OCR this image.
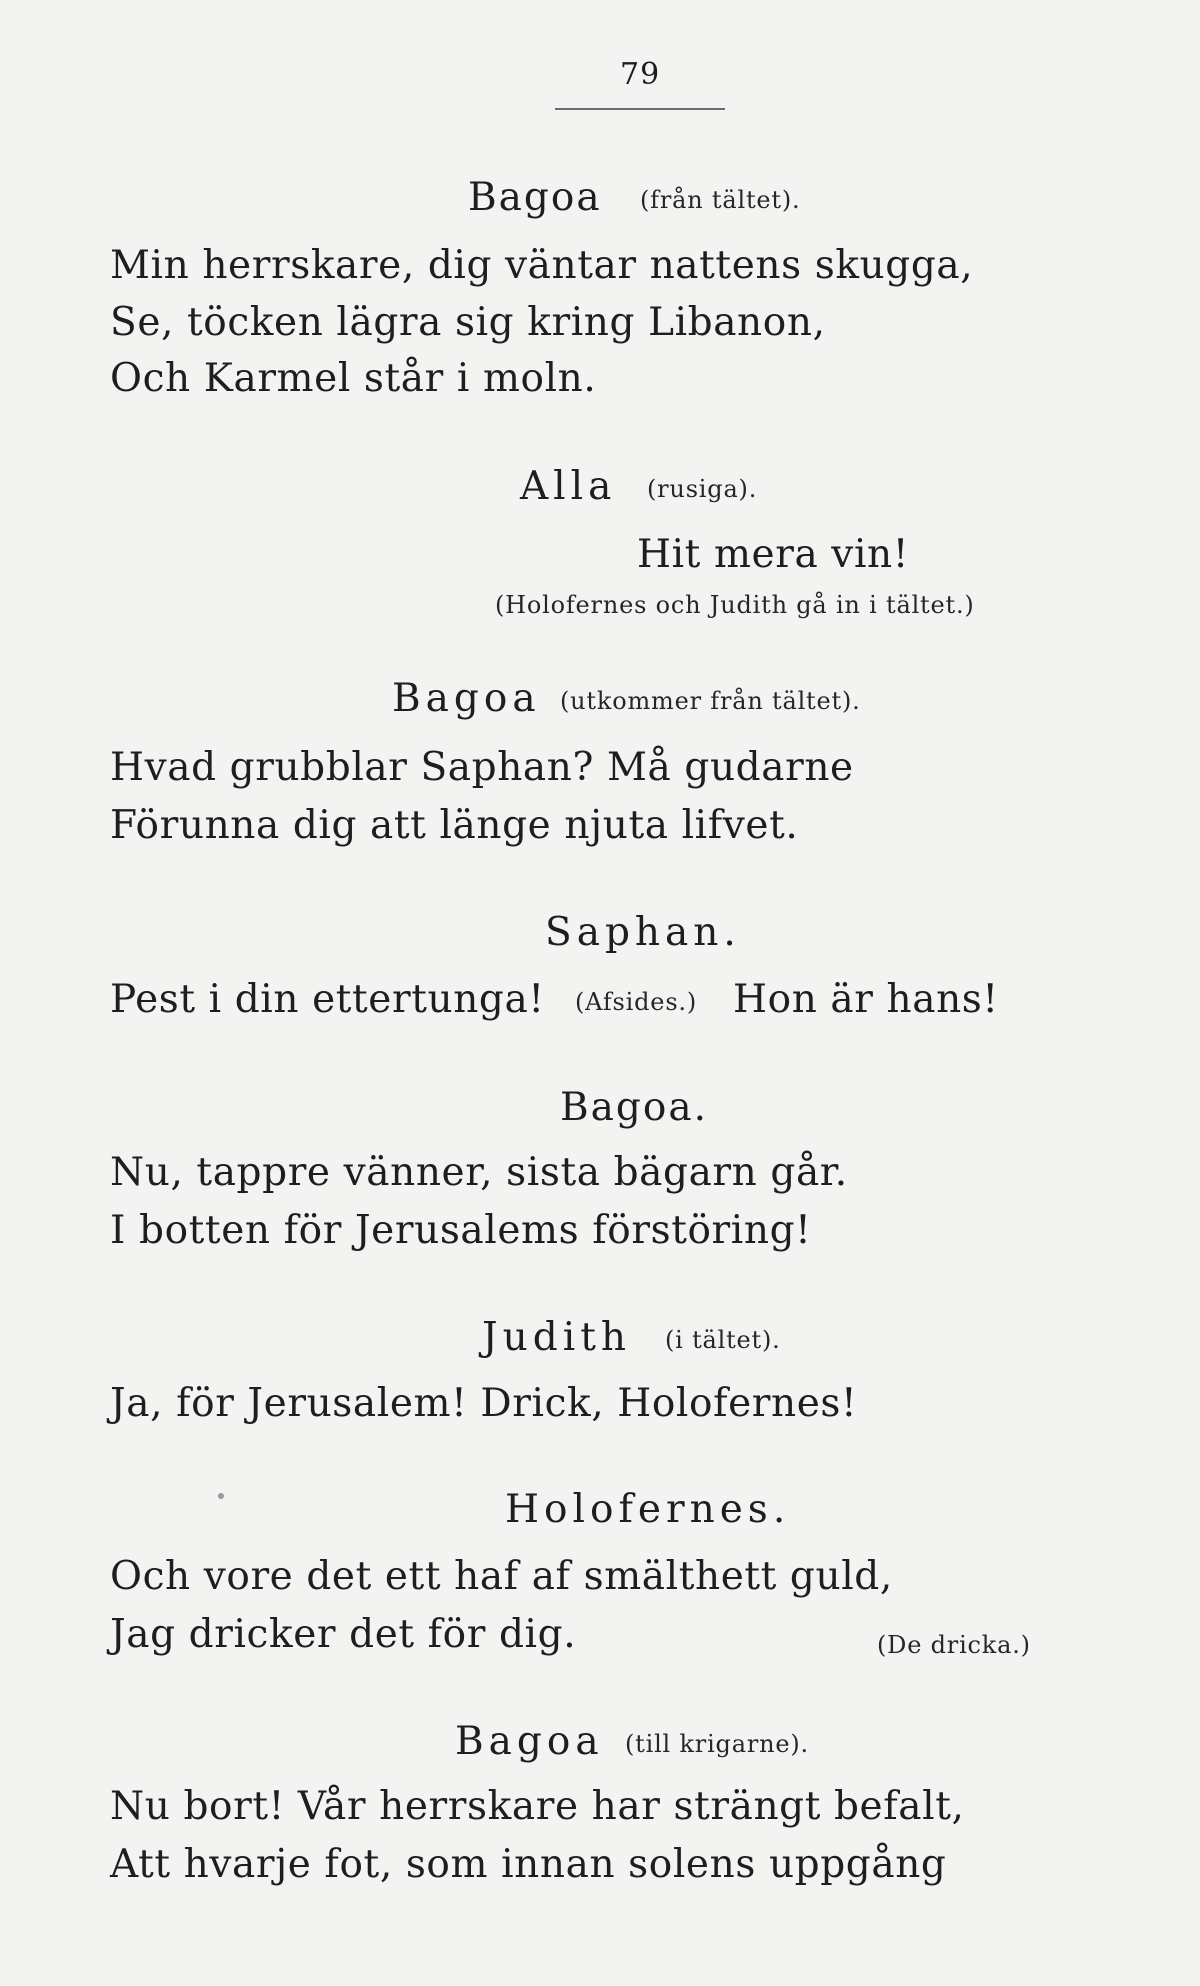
79
Bagoa (från tältet).
Min herrskare, dig väntar nattens skugga,
Se, töcken lägra sig kring Libanon,
Och Karmel står i moln.
Alla (rusiga).
Hit mera vin!
(Holofernes och Judith gå in i tältet.)
Bagoa (utkommer från tältet).
Hvad grubblar Saphan? Må gudarne
Förunna dig att länge njuta lifvet.
Saphan.
Pest i din ettertunga! (Afsides.) Hon är hans!
Bagoa.
Nu, tappre vänner, sista bägarn går.
I botten för Jerusalems förstöring!
Judith (i tältet).
Ja, för Jerusalem! Drick, Holofernes!
Holofernes.
Och vore det ett haf af smälthett guld,
Jag dricker det för dig.	(De dricka.)
Bagoa (till krigarne).
Nu bort! Vår herrskare har strängt befalt,
Att hvarje fot, som innan solens uppgång
